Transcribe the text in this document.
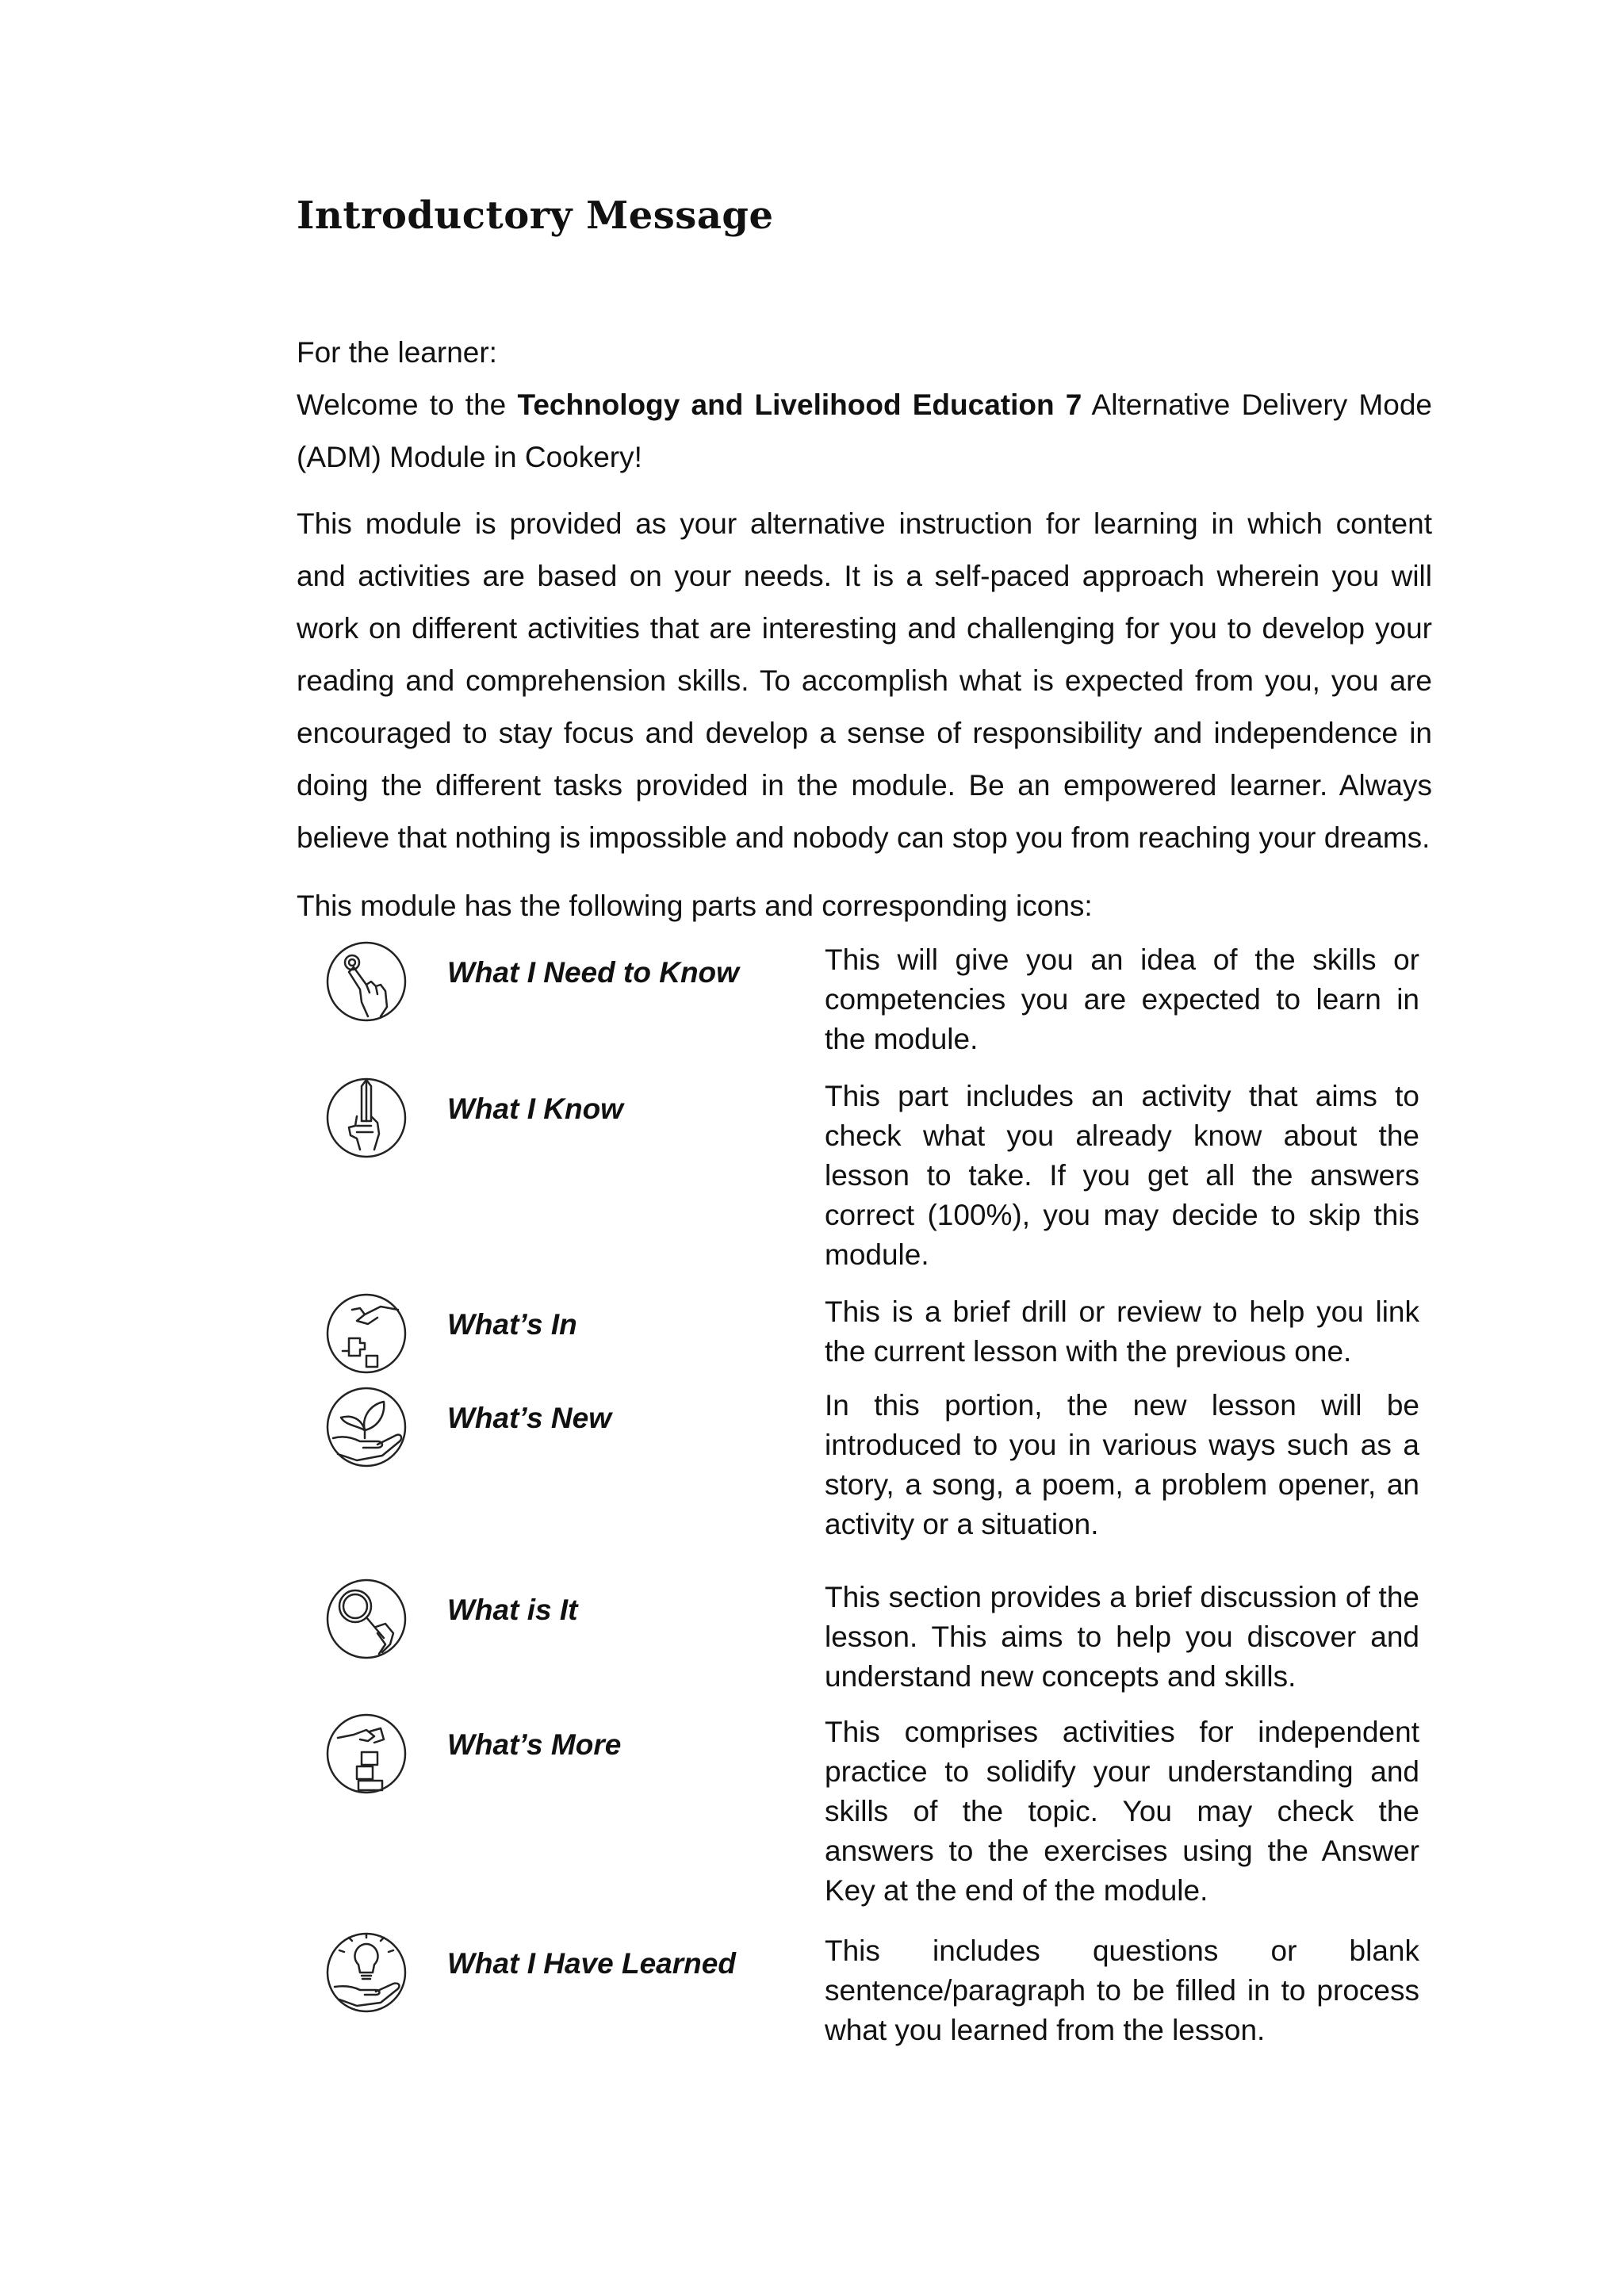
Introductory Message

For the learner:

Welcome to the Technology and Livelihood Education 7 Alternative Delivery Mode

(ADM) Module in Cookery!

This module is provided as your alternative instruction for learning in which content

and activities are based on your needs. It is a self-paced approach wherein you will

work on different activities that are interesting and challenging for you to develop your

reading and comprehension skills. To accomplish what is expected from you, you are

encouraged to stay focus and develop a sense of responsibility and independence in

doing the different tasks provided in the module. Be an empowered learner. Always

believe that nothing is impossible and nobody can stop you from reaching your dreams.

This module has the following parts and corresponding icons:

What I Need to Know	This will give you an idea of the skills or competencies you are expected to learn in the module.
What I Know	This part includes an activity that aims to check what you already know about the lesson to take. If you get all the answers correct (100%), you may decide to skip this module.
What’s In	This is a brief drill or review to help you link the current lesson with the previous one.
What’s New	In this portion, the new lesson will be introduced to you in various ways such as a story, a song, a poem, a problem opener, an activity or a situation.
What is It	This section provides a brief discussion of the lesson. This aims to help you discover and understand new concepts and skills.
What’s More	This comprises activities for independent practice to solidify your understanding and skills of the topic. You may check the answers to the exercises using the Answer Key at the end of the module.
What I Have Learned	This includes questions or blank sentence/paragraph to be filled in to process what you learned from the lesson.
